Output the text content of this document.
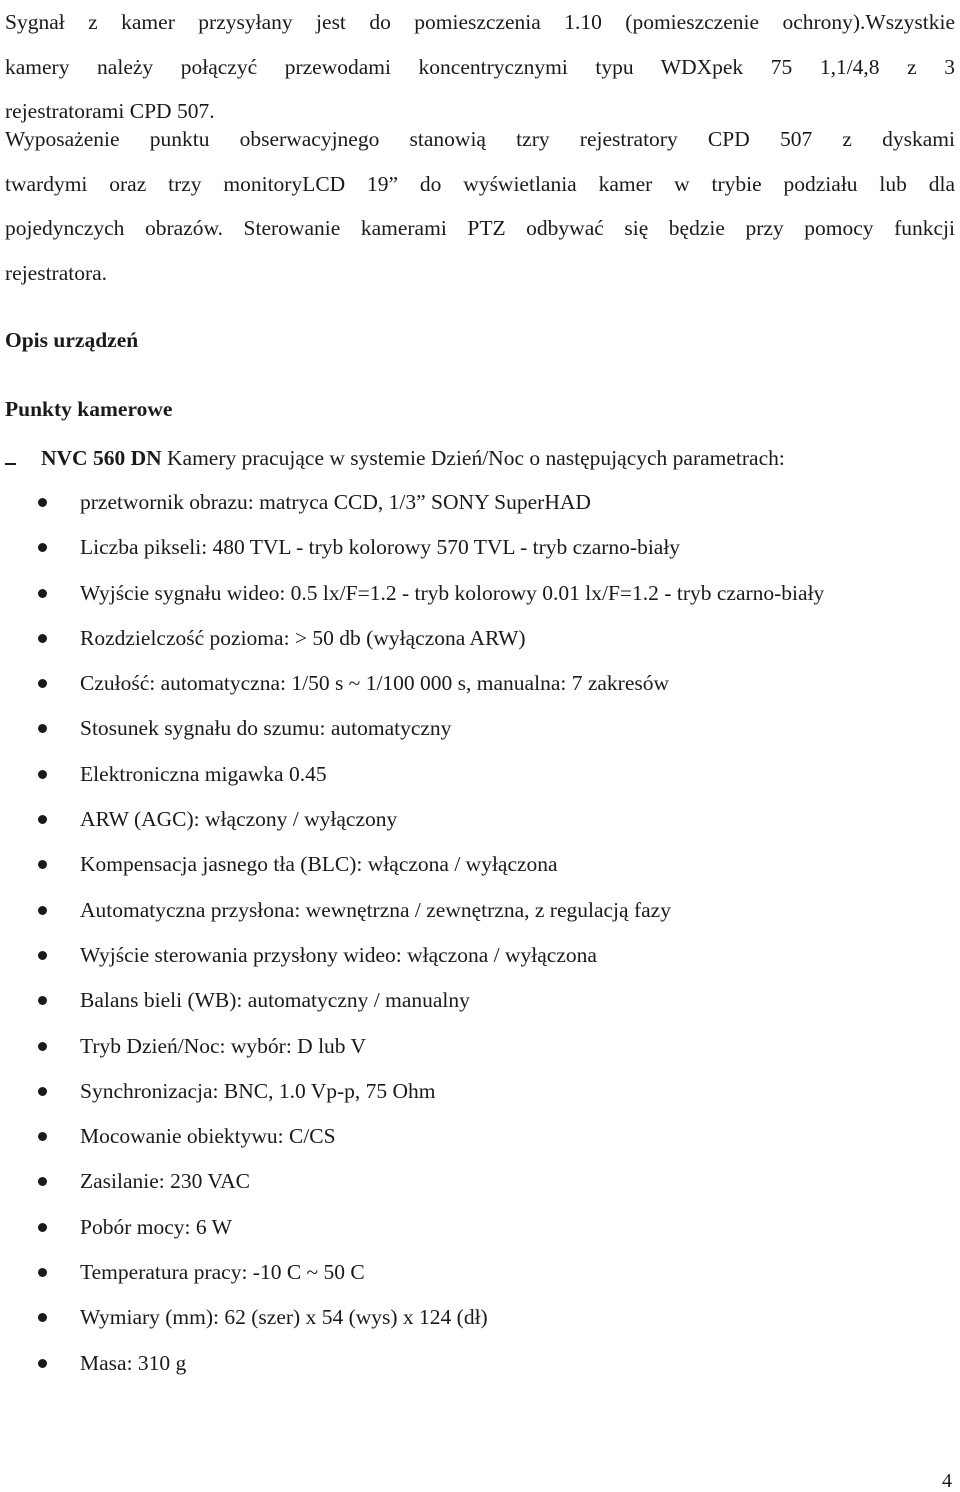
Sygnał z kamer przysyłany jest do pomieszczenia 1.10 (pomieszczenie ochrony).Wszystkie
kamery należy połączyć przewodami koncentrycznymi typu WDXpek 75 1,1/4,8 z 3
rejestratorami CPD 507.

Wyposażenie punktu obserwacyjnego stanowią tzry rejestratory CPD 507 z dyskami
twardymi oraz trzy monitoryLCD 19” do wyświetlania kamer w trybie podziału lub dla
pojedynczych obrazów. Sterowanie kamerami PTZ odbywać się będzie przy pomocy funkcji
rejestratora.

Opis urządzeń
Punkty kamerowe
NVC 560 DN Kamery pracujące w systemie Dzień/Noc o następujących parametrach:
przetwornik obrazu: matryca CCD, 1/3” SONY SuperHAD
Liczba pikseli: 480 TVL - tryb kolorowy 570 TVL - tryb czarno-biały
Wyjście sygnału wideo: 0.5 lx/F=1.2 - tryb kolorowy 0.01 lx/F=1.2 - tryb czarno-biały
Rozdzielczość pozioma: > 50 db (wyłączona ARW)
Czułość: automatyczna: 1/50 s ~ 1/100 000 s, manualna: 7 zakresów
Stosunek sygnału do szumu: automatyczny
Elektroniczna migawka 0.45
ARW (AGC): włączony / wyłączony
Kompensacja jasnego tła (BLC): włączona / wyłączona
Automatyczna przysłona: wewnętrzna / zewnętrzna, z regulacją fazy
Wyjście sterowania przysłony wideo: włączona / wyłączona
Balans bieli (WB): automatyczny / manualny
Tryb Dzień/Noc: wybór: D lub V
Synchronizacja: BNC, 1.0 Vp-p, 75 Ohm
Mocowanie obiektywu: C/CS
Zasilanie: 230 VAC
Pobór mocy: 6 W
Temperatura pracy: -10 C ~ 50 C
Wymiary (mm): 62 (szer) x 54 (wys) x 124 (dł)
Masa: 310 g
4
